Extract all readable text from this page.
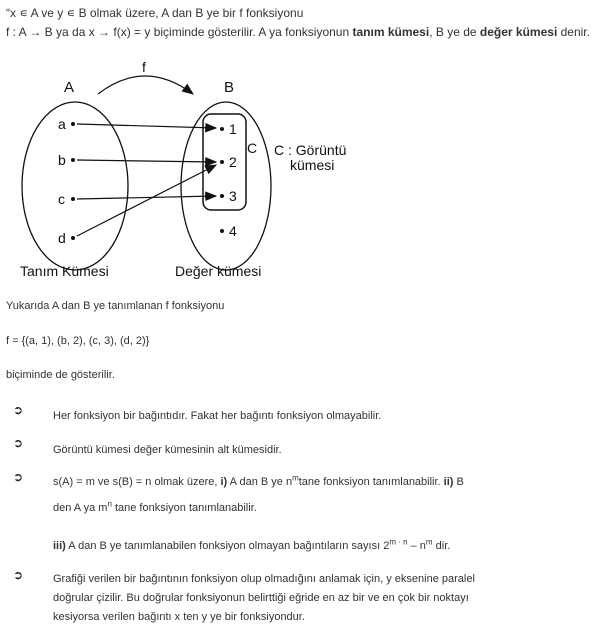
“x ∊ A ve y ∊ B olmak üzere, A dan B ye bir f fonksiyonu
f : A → B ya da x → f(x) = y biçiminde gösterilir. A ya fonksiyonun tanım kümesi, B ye de değer kümesi denir.
A	B
f
a
b
c
d
1
2
3
4
C C : Görüntü
kümesi
Tanım Kümesi	Değer kümesi
Yukarıda A dan B ye tanımlanan f fonksiyonu
f = {(a, 1), (b, 2), (c, 3), (d, 2)}
biçiminde de gösterilir.
➲	Her fonksiyon bir bağıntıdır. Fakat her bağıntı fonksiyon olmayabilir.
➲	Görüntü kümesi değer kümesinin alt kümesidir.
➲	s(A) = m ve s(B) = n olmak üzere, i) A dan B ye $n^m\tan e$ fonksiyon tanımlanabilir. ii) B
den A ya $m^n$ tane fonksiyon tanımlanabilir.
iii) A dan B ye tanımlanabilen fonksiyon olmayan bağıntıların sayısı $2^{m \cdot n} - n^m$ dir.
➲	Grafiği verilen bir bağıntının fonksiyon olup olmadığını anlamak için, y eksenine paralel
doğrular çizilir. Bu doğrular fonksiyonun belirttiği eğride en az bir ve en çok bir noktayı
kesiyorsa verilen bağıntı x ten y ye bir fonksiyondur.
